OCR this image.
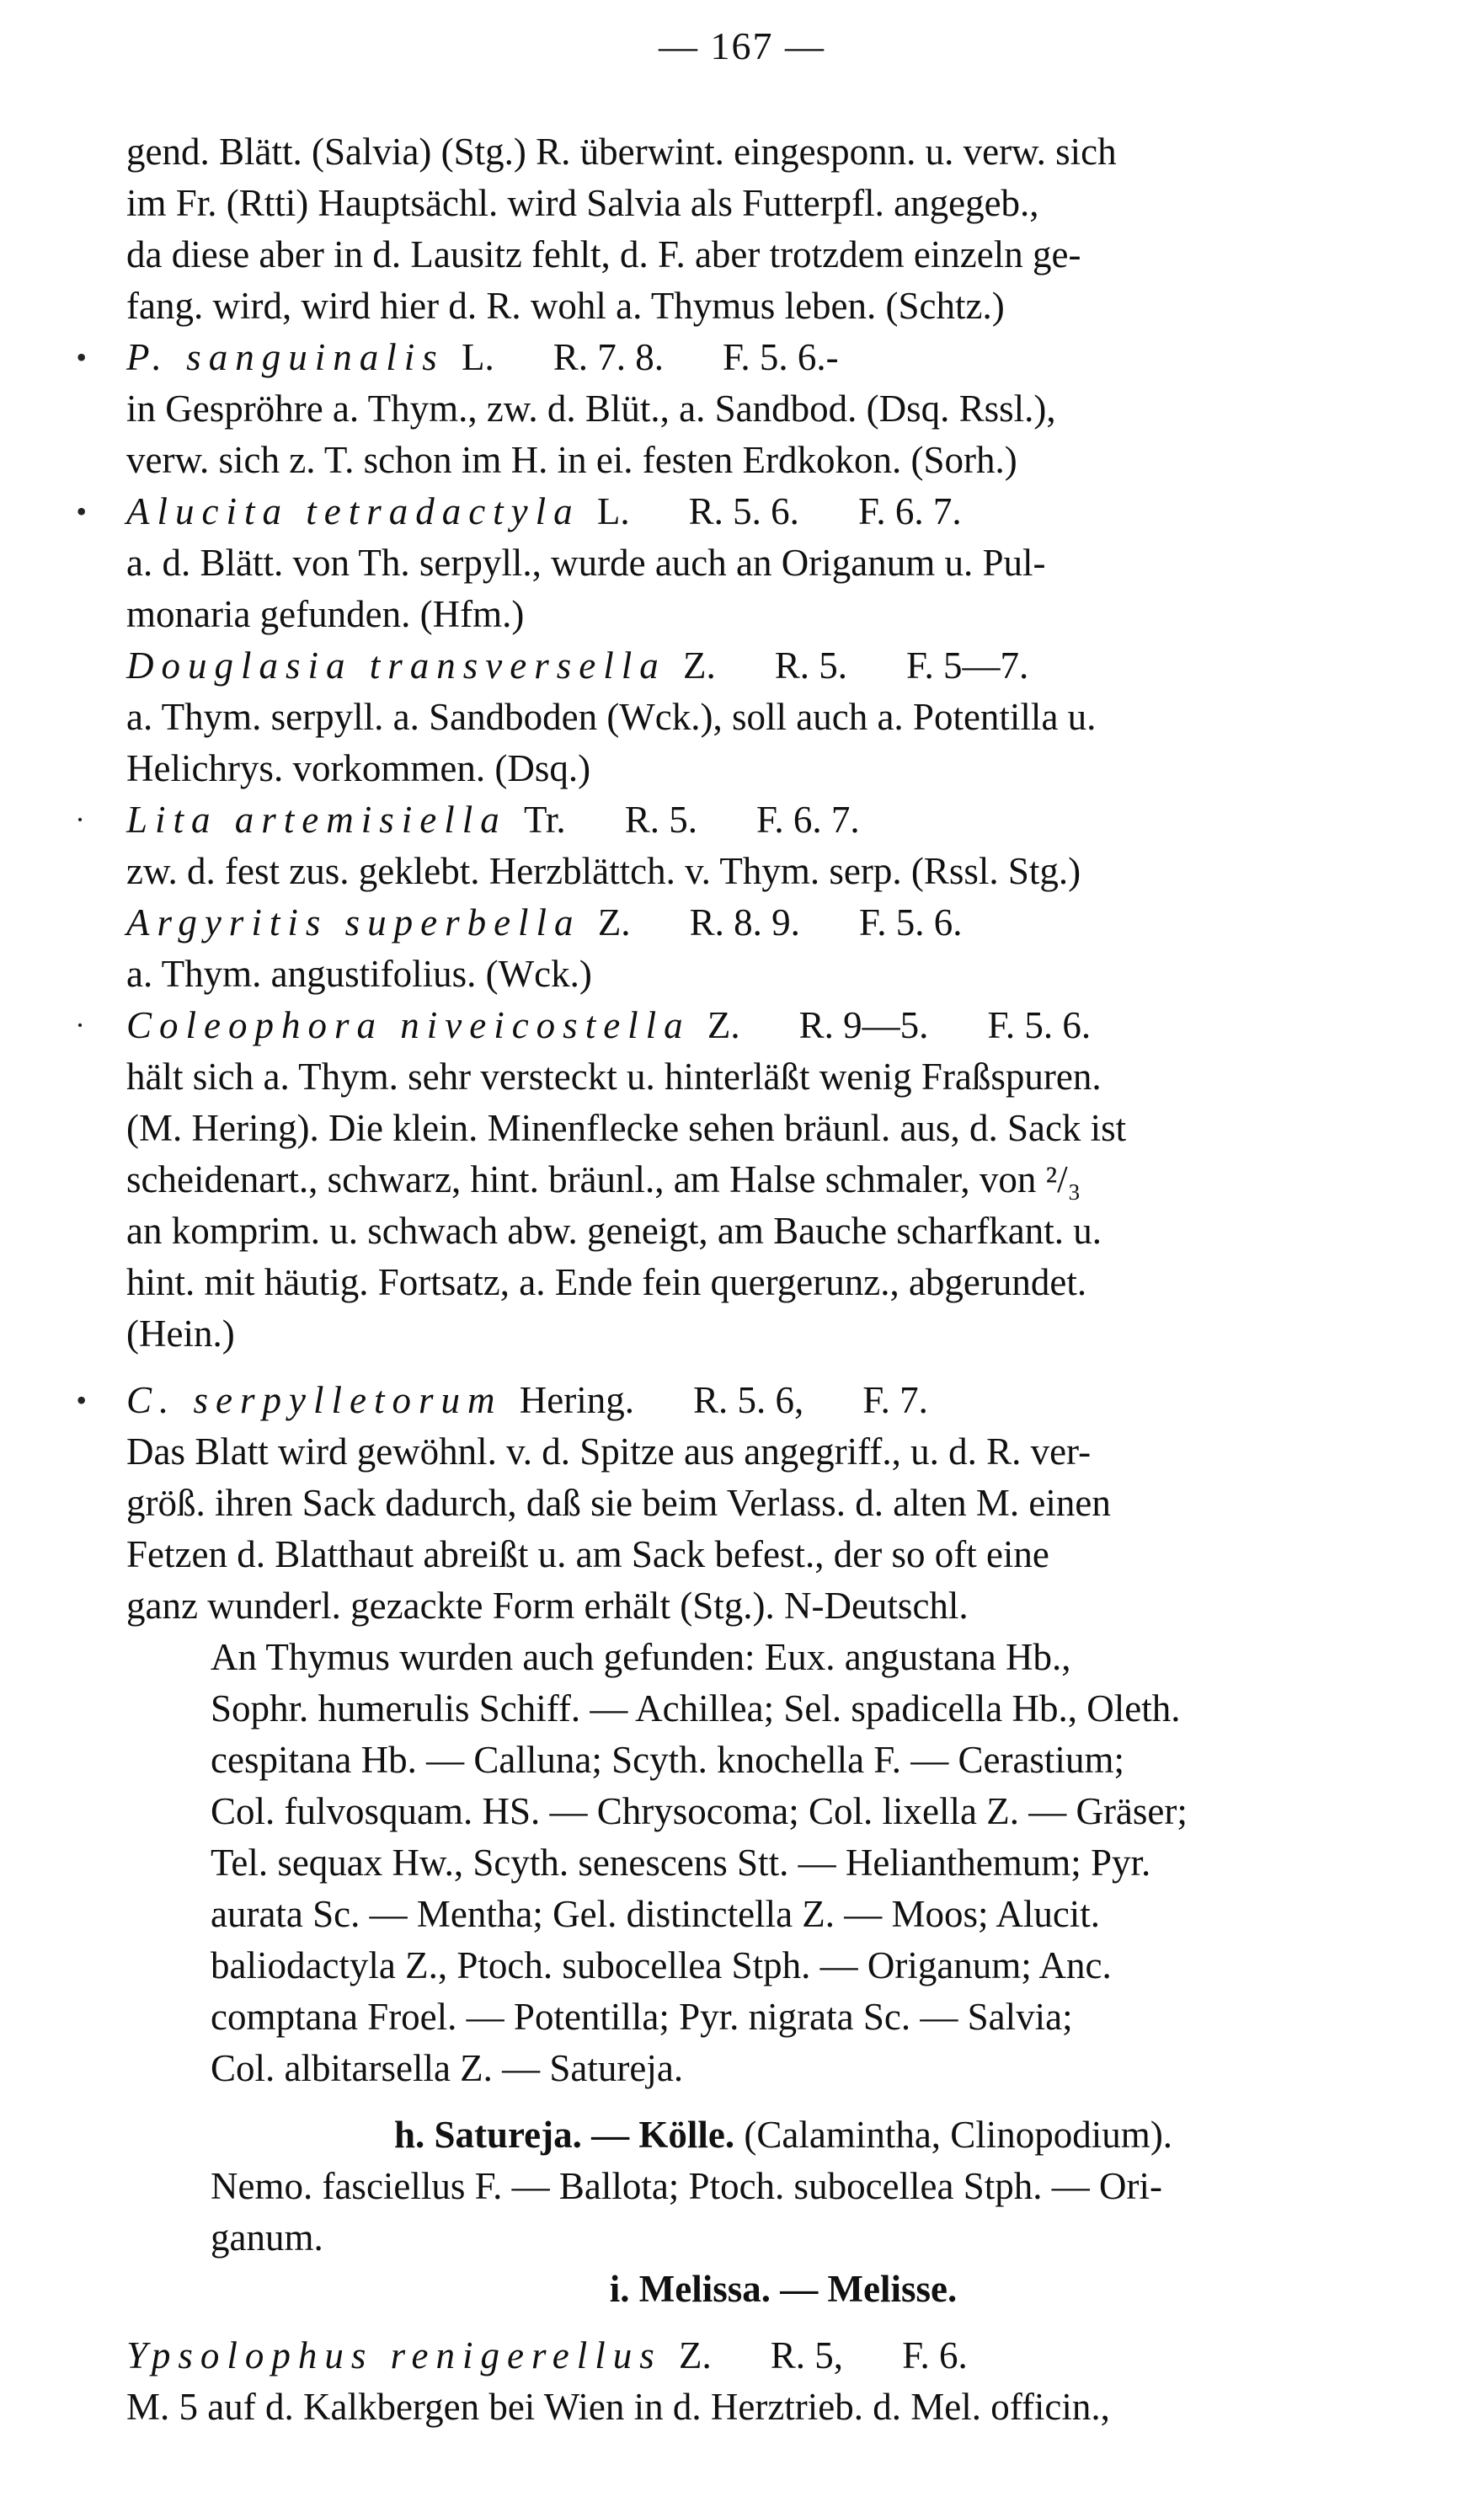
— 167 —
gend. Blätt. (Salvia) (Stg.) R. überwint. eingesponn. u. verw. sich
im Fr. (Rtti) Hauptsächl. wird Salvia als Futterpfl. angegeb.,
da diese aber in d. Lausitz fehlt, d. F. aber trotzdem einzeln ge-
fang. wird, wird hier d. R. wohl a. Thymus leben. (Schtz.)
• P. sanguinalis L. R. 7. 8. F. 5. 6.-
in Gespröhre a. Thym., zw. d. Blüt., a. Sandbod. (Dsq. Rssl.),
verw. sich z. T. schon im H. in ei. festen Erdkokon. (Sorh.)
• Alucita tetradactyla L. R. 5. 6. F. 6. 7.
a. d. Blätt. von Th. serpyll., wurde auch an Origanum u. Pul-
monaria gefunden. (Hfm.)
Douglasia transversella Z. R. 5. F. 5—7.
a. Thym. serpyll. a. Sandboden (Wck.), soll auch a. Potentilla u.
Helichrys. vorkommen. (Dsq.)
· Lita artemisiella Tr. R. 5. F. 6. 7.
zw. d. fest zus. geklebt. Herzblättch. v. Thym. serp. (Rssl. Stg.)
Argyritis superbella Z. R. 8. 9. F. 5. 6.
a. Thym. angustifolius. (Wck.)
· Coleophora niveicostella Z. R. 9—5. F. 5. 6.
hält sich a. Thym. sehr versteckt u. hinterläßt wenig Fraßspuren.
(M. Hering). Die klein. Minenflecke sehen bräunl. aus, d. Sack ist
scheidenart., schwarz, hint. bräunl., am Halse schmaler, von ²/₃
an komprim. u. schwach abw. geneigt, am Bauche scharfkant. u.
hint. mit häutig. Fortsatz, a. Ende fein quergerunz., abgerundet.
(Hein.)
• C. serpylletorum Hering. R. 5. 6, F. 7.
Das Blatt wird gewöhnl. v. d. Spitze aus angegriff., u. d. R. ver-
größ. ihren Sack dadurch, daß sie beim Verlass. d. alten M. einen
Fetzen d. Blatthaut abreißt u. am Sack befest., der so oft eine
ganz wunderl. gezackte Form erhält (Stg.). N-Deutschl.
An Thymus wurden auch gefunden: Eux. angustana Hb.,
Sophr. humerulis Schiff. — Achillea; Sel. spadicella Hb., Oleth.
cespitana Hb. — Calluna; Scyth. knochella F. — Cerastium;
Col. fulvosquam. HS. — Chrysocoma; Col. lixella Z. — Gräser;
Tel. sequax Hw., Scyth. senescens Stt. — Helianthemum; Pyr.
aurata Sc. — Mentha; Gel. distinctella Z. — Moos; Alucit.
baliodactyla Z., Ptoch. subocellea Stph. — Origanum; Anc.
comptana Froel. — Potentilla; Pyr. nigrata Sc. — Salvia;
Col. albitarsella Z. — Satureja.
h. Satureja. — Kölle. (Calamintha, Clinopodium).
Nemo. fasciellus F. — Ballota; Ptoch. subocellea Stph. — Ori-
ganum.
i. Melissa. — Melisse.
Ypsolophus renigerellus Z. R. 5, F. 6.
M. 5 auf d. Kalkbergen bei Wien in d. Herztrieb. d. Mel. officin.,
